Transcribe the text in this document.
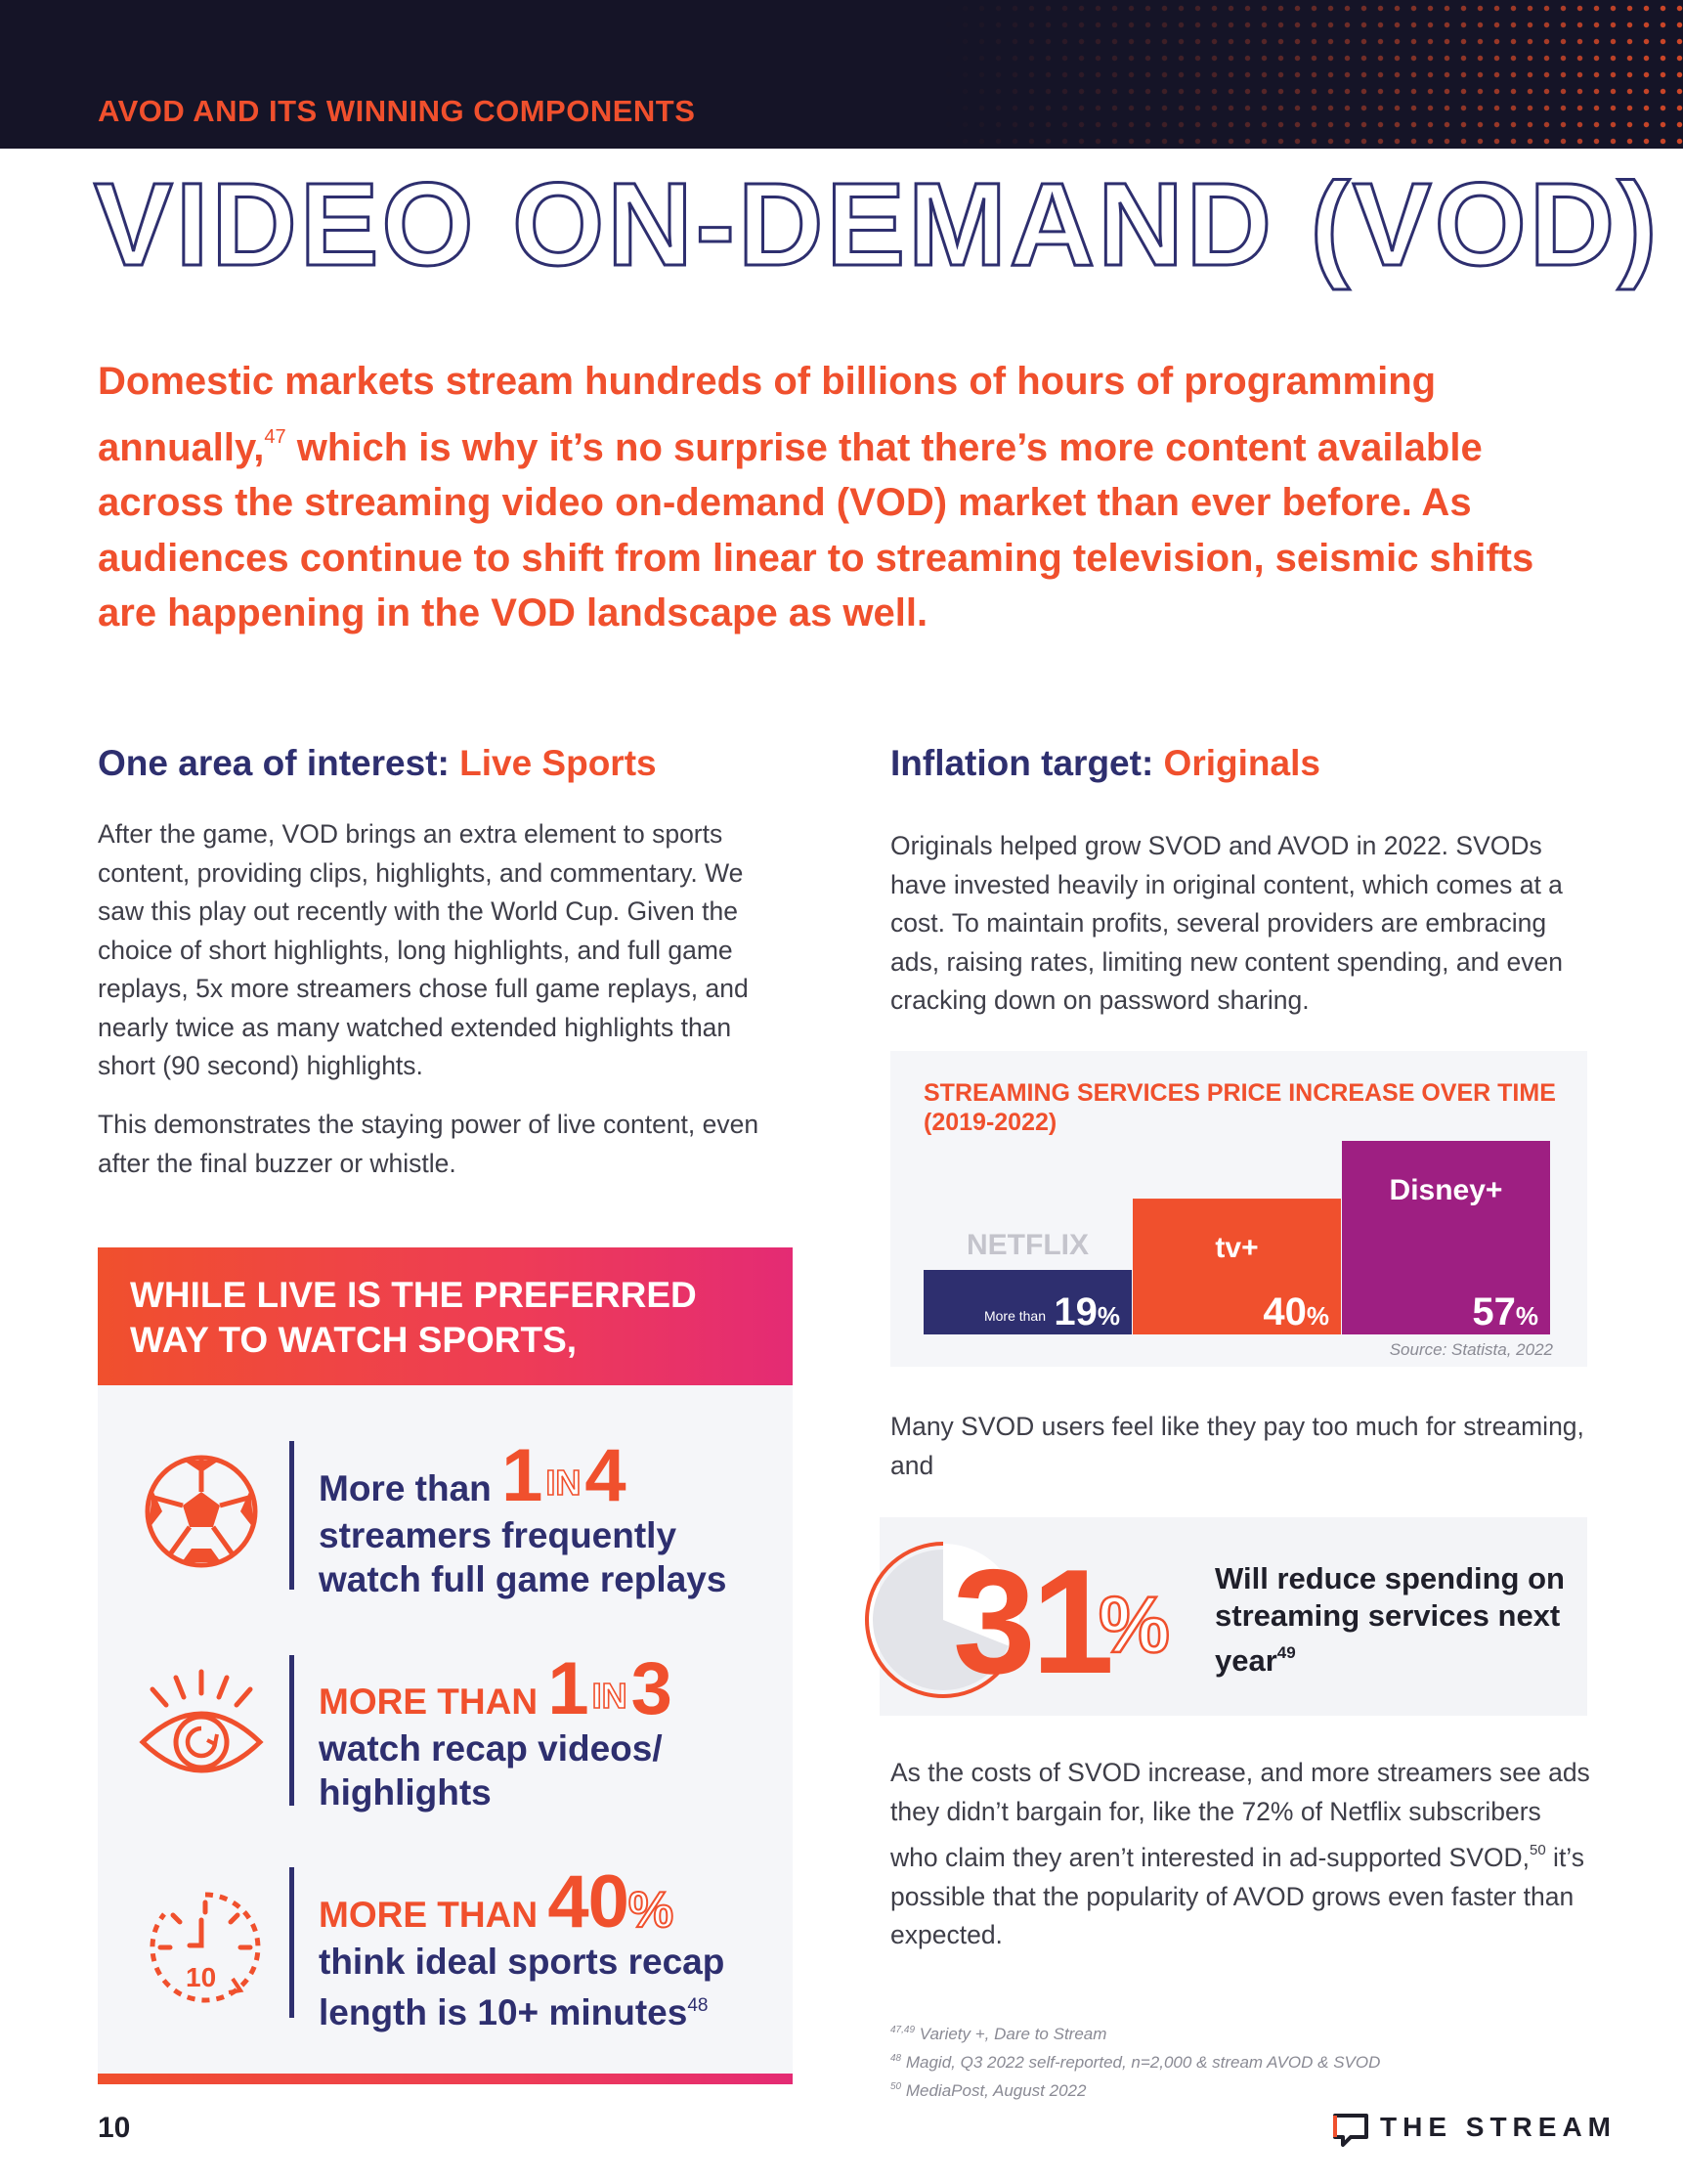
AVOD AND ITS WINNING COMPONENTS
VIDEO ON-DEMAND (VOD)
Domestic markets stream hundreds of billions of hours of programming annually,$^{47}$ which is why it’s no surprise that there’s more content available across the streaming video on-demand (VOD) market than ever before. As audiences continue to shift from linear to streaming television, seismic shifts are happening in the VOD landscape as well.
One area of interest: Live Sports
After the game, VOD brings an extra element to sports content, providing clips, highlights, and commentary. We saw this play out recently with the World Cup. Given the choice of short highlights, long highlights, and full game replays, 5x more streamers chose full game replays, and nearly twice as many watched extended highlights than short (90 second) highlights.
This demonstrates the staying power of live content, even after the final buzzer or whistle.
WHILE LIVE IS THE PREFERRED WAY TO WATCH SPORTS,
More than 1 IN4
streamers frequently watch full game replays
MORE THAN 1 IN3
watch recap videos/ highlights
10
MORE THAN 40%
think ideal sports recap length is 10+ minutes$^{48}$
Inflation target: Originals
Originals helped grow SVOD and AVOD in 2022. SVODs have invested heavily in original content, which comes at a cost. To maintain profits, several providers are embracing ads, raising rates, limiting new content spending, and even cracking down on password sharing.
STREAMING SERVICES PRICE INCREASE OVER TIME (2019-2022)
NETFLIX
19%
More than
tv+
40%
Disney+
57%
Source: Statista, 2022
Many SVOD users feel like they pay too much for streaming, and
31
%
Will reduce spending on streaming services next year$^{49}$
As the costs of SVOD increase, and more streamers see ads they didn’t bargain for, like the 72% of Netflix subscribers who claim they aren’t interested in ad-supported SVOD,$^{50}$ it’s possible that the popularity of AVOD grows even faster than expected.
$^{47,49}$ Variety +, Dare to Stream
$^{48}$ Magid, Q3 2022 self-reported, n=2,000 & stream AVOD & SVOD
$^{50}$ MediaPost, August 2022
10	THE STREAM
